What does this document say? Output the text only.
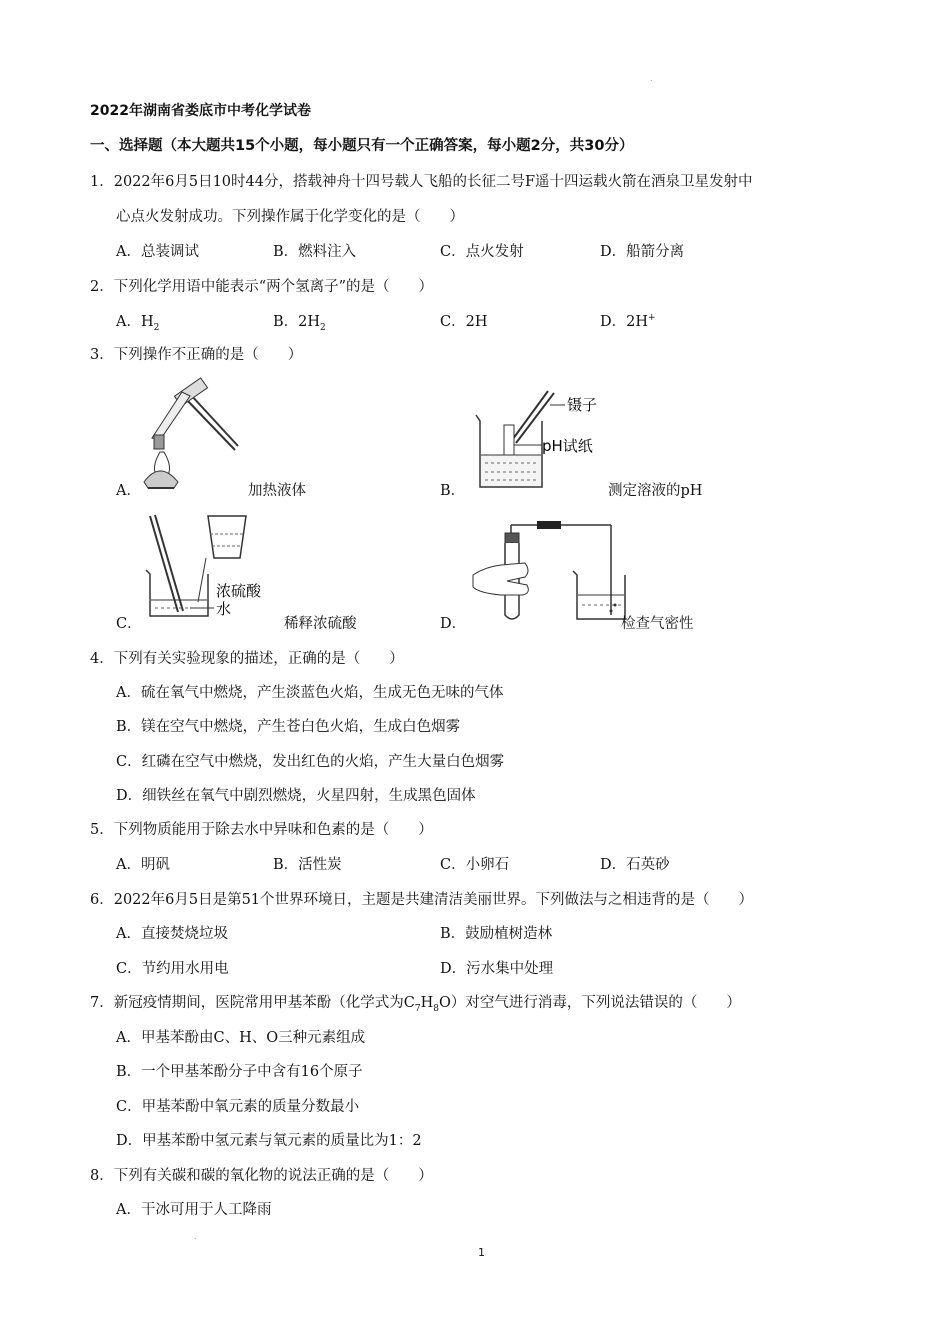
.
2022年湖南省娄底市中考化学试卷
一、选择题（本大题共15个小题，每小题只有一个正确答案，每小题2分，共30分）
1．2022年6月5日10时44分，搭载神舟十四号载人飞船的长征二号F遥十四运载火箭在酒泉卫星发射中
心点火发射成功。下列操作属于化学变化的是（　　）
A．总装调试	B．燃料注入	C．点火发射	D．船箭分离
2．下列化学用语中能表示“两个氢离子”的是（　　）
A．$H_2$	B．$2H_2$	C．2H	D．2H+
3．下列操作不正确的是（　　）
A．	加热液体
镊子
pH试纸
B．	测定溶液的pH
浓硫酸
水
C．	稀释浓硫酸	D．	检查气密性
4．下列有关实验现象的描述，正确的是（　　）
A．硫在氧气中燃烧，产生淡蓝色火焰，生成无色无味的气体
B．镁在空气中燃烧，产生苍白色火焰，生成白色烟雾
C．红磷在空气中燃烧，发出红色的火焰，产生大量白色烟雾
D．细铁丝在氧气中剧烈燃烧，火星四射，生成黑色固体
5．下列物质能用于除去水中异味和色素的是（　　）
A．明矾	B．活性炭	C．小卵石	D．石英砂
6．2022年6月5日是第51个世界环境日，主题是共建清洁美丽世界。下列做法与之相违背的是（　　）
A．直接焚烧垃圾	B．鼓励植树造林
C．节约用水用电	D．污水集中处理
7．新冠疫情期间，医院常用甲基苯酚（化学式为$C_7H_8O$）对空气进行消毒，下列说法错误的（　　）
A．甲基苯酚由C、H、O三种元素组成
B．一个甲基苯酚分子中含有16个原子
C．甲基苯酚中氧元素的质量分数最小
D．甲基苯酚中氢元素与氧元素的质量比为1：2
8．下列有关碳和碳的氧化物的说法正确的是（　　）
A．干冰可用于人工降雨
.
1
